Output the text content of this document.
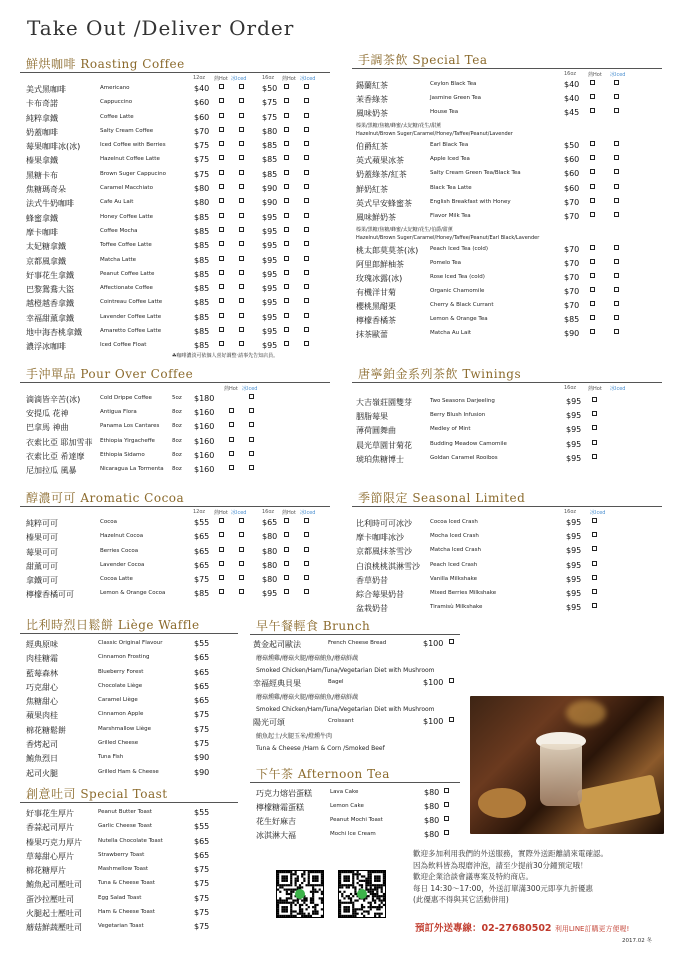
Take Out /Deliver Order
鮮烘咖啡 Roasting Coffee
12oz 熱Hot 冰Iced	16oz 熱Hot 冰Iced
美式黑咖啡	Americano	$40	$50
卡布奇諾	Cappuccino	$60	$75
純粹拿鐵	Coffee Latte	$60	$75
奶蓋咖啡	Salty Cream Coffee	$70	$80
莓果咖啡冰(冰)	Iced Coffee with Berries	$75	$85
榛果拿鐵	Hazelnut Coffee Latte	$75	$85
黑糖卡布	Brown Suger Cappucino	$75	$85
焦糖瑪奇朵	Caramel Macchiato	$80	$90
法式牛奶咖啡	Cafe Au Lait	$80	$90
蜂蜜拿鐵	Honey Coffee Latte	$85	$95
摩卡咖啡	Coffee Mocha	$85	$95
太妃糖拿鐵	Toffee Coffee Latte	$85	$95
京都風拿鐵	Matcha Latte	$85	$95
好事花生拿鐵	Peanut Coffee Latte	$85	$95
巴黎鴛鴦大盜	Affectionate Coffee	$85	$95
越橙越香拿鐵	Cointreau Coffee Latte	$85	$95
幸福甜薰拿鐵	Lavender Coffee Latte	$85	$95
地中海杏桃拿鐵	Amaretto Coffee Latte	$85	$95
濃浮冰咖啡	Iced Coffee Float	$85	$95
☘咖啡濃淡可依個人喜好調整‧請事先告知店員。
手沖單品 Pour Over Coffee
熱Hot 冰Iced
滴滴皆辛苦(冰)	Cold Drippe Coffee	5oz $180
安提瓜 花神	Antigua Flora	8oz $160
巴拿馬 神曲	Panama Los Cantares 8oz $160
衣索比亞 耶加雪菲 Ethiopia Yirgacheffe	8oz $160
衣索比亞 希達摩	Ethiopia Sidamo	8oz $160
尼加拉瓜 風暴	Nicaragua La Tormenta 8oz $160
醇濃可可 Aromatic Cocoa
12oz 熱Hot 冰Iced	16oz 熱Hot 冰Iced
純粹可可	Cocoa	$55	$65
榛果可可	Hazelnut Cocoa	$65	$80
莓果可可	Berries Cocoa	$65	$80
甜薰可可	Lavender Cocoa	$65	$80
拿鐵可可	Cocoa Latte	$75	$80
檸檬香橘可可	Lemon & Orange Cocoa	$85	$95
比利時烈日鬆餅 Liège Waffle
經典原味	Classic Original Flavour	$55
肉桂糖霜	Cinnamon Frosting	$65
藍莓森林	Blueberry Forest	$65
巧克甜心	Chocolate Liège	$65
焦糖甜心	Caramel Liège	$65
蘋果肉桂	Cinnamon Apple	$75
棉花糖鬆餅	Marshmallow Liège	$75
香烤起司	Grilled Cheese	$75
鮪魚烈日	Tuna Fish	$90
起司火腿	Grilled Ham & Cheese	$90
創意吐司 Special Toast
好事花生厚片	Peanut Butter Toast	$55
香蒜起司厚片	Garlic Cheese Toast	$55
榛果巧克力厚片	Nutella Chocolate Toast	$65
草莓甜心厚片	Strawberry Toast	$65
棉花糖厚片	Mashmellow Toast	$75
鮪魚起司壓吐司	Tuna & Cheese Toast	$75
蛋沙拉壓吐司	Egg Salad Toast	$75
火腿起士壓吐司	Ham & Cheese Toast	$75
蘑菇鮮蔬壓吐司	Vegetarian Toast	$75
早午餐輕食 Brunch
黃金起司歐法	French Cheese Bread	$100
蘑菇燻雞/蘑菇火腿/蘑菇鮪魚/蘑菇鮮蔬
Smoked Chicken/Ham/Tuna/Vegetarian Diet with Mushroom
幸福經典貝果	Bagel	$100
蘑菇燻雞/蘑菇火腿/蘑菇鮪魚/蘑菇鮮蔬
Smoked Chicken/Ham/Tuna/Vegetarian Diet with Mushroom
陽光可頌	Croissant	$100
鮪魚起士/火腿玉米/燈燻牛肉
Tuna & Cheese /Ham & Corn /Smoked Beef
下午茶 Afternoon Tea
巧克力熔岩蛋糕	Lava Cake	$80
檸檬糖霜蛋糕	Lemon Cake	$80
花生好麻吉	Peanut Mochi Toast	$80
冰淇淋大福	Mochi Ice Cream	$80
手調茶飲 Special Tea
16oz 熱Hot 冰Iced
錫蘭紅茶	Ceylon Black Tea	$40
茉香綠茶	Jasmine Green Tea	$40
風味奶茶	House Tea	$45
榛果/黑糖/焦糖/蜂蜜/太妃糖/花生/甜薰
Hazelnut/Brown Suger/Caramel/Honey/Taffee/Peanut/Lavender
伯爵紅茶	Earl Black Tea	$50
英式蘋果冰茶	Apple Iced Tea	$60
奶蓋綠茶/紅茶	Salty Cream Green Tea/Black Tea	$60
鮮奶紅茶	Black Tea Latte	$60
英式早安蜂蜜茶	English Breakfast with Honey	$70
風味鮮奶茶	Flavor Milk Tea	$70
榛果/黑糖/焦糖/蜂蜜/太妃糖/花生/伯爵/甜薰
Hazelnut/Brown Suger/Caramel/Honey/Taffee/Peanut/Earl Black/Lavender
桃太郎莫莫茶(冰) Peach Iced Tea (cold)	$70
阿里郎鮮柚茶	Pomelo Tea	$70
玫瑰冰露(冰)	Rose Iced Tea (cold)	$70
有機洋甘菊	Organic Chamomile	$70
櫻桃黑醋栗	Cherry & Black Currant	$70
檸檬香橘茶	Lemon & Orange Tea	$85
抹茶歐蕾	Matcha Au Lait	$90
唐寧鉑金系列茶飲 Twinings
16oz 熱Hot 冰Iced
大吉嶺莊園雙芽	Two Seasons Darjeeling	$95
胭脂莓果	Berry Blush Infusion	$95
薄荷圓舞曲	Medley of Mint	$95
晨光草園甘菊花	Budding Meadow Camomile	$95
琥珀焦糖博士	Goldan Caramel Rooibos	$95
季節限定 Seasonal Limited
16oz	冰Iced
比利時可可冰沙	Cocoa Iced Crash	$95
摩卡咖啡冰沙	Mocha Iced Crash	$95
京都風抹茶雪沙	Matcha Iced Crash	$95
白浪桃桃淇淋雪沙 Peach Iced Crash	$95
香草奶昔	Vanilla Milkshake	$95
綜合莓果奶昔	Mixed Berries Milkshake	$95
盆栽奶昔	Tiramisù Milkshake	$95
歡迎多加利用我們的外送服務，實際外送距離請來電確認。
因為飲料皆為現磨沖泡，請至少提前30分鐘預定哦！
歡迎企業洽談會議專案及特約商店。
每日 14:30～17:00，外送訂單滿300元即享九折優惠
(此優惠不得與其它活動併用)
預訂外送專線：02-27680502 利用LINE訂購更方便喔!
2017.02 冬
